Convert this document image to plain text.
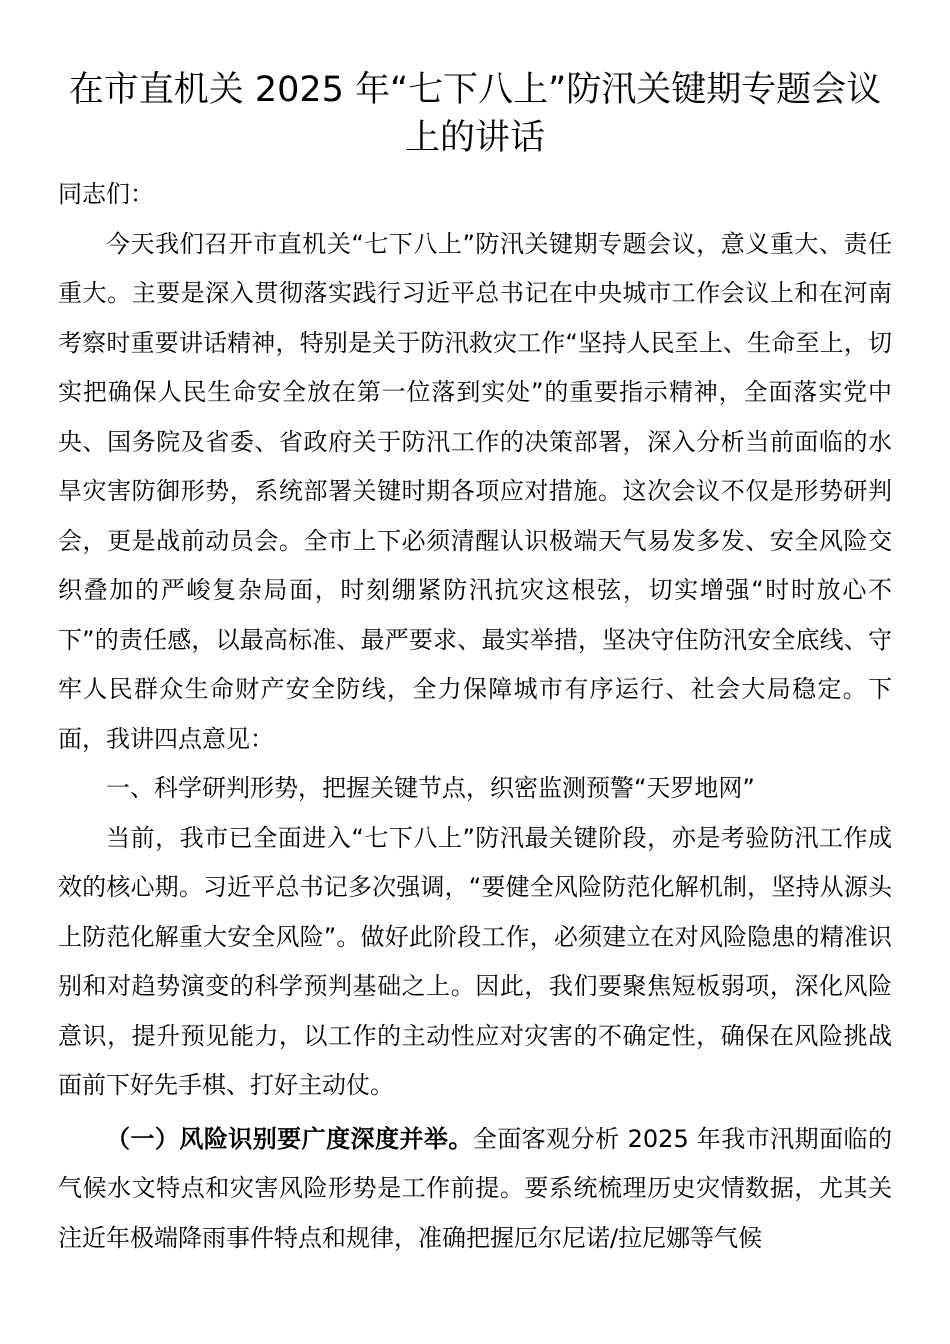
在市直机关 2025 年“七下八上”防汛关键期专题会议上的讲话

同志们：

今天我们召开市直机关“七下八上”防汛关键期专题会议，意义重大、责任重大。主要是深入贯彻落实践行习近平总书记在中央城市工作会议上和在河南考察时重要讲话精神，特别是关于防汛救灾工作“坚持人民至上、生命至上，切实把确保人民生命安全放在第一位落到实处”的重要指示精神，全面落实党中央、国务院及省委、省政府关于防汛工作的决策部署，深入分析当前面临的水旱灾害防御形势，系统部署关键时期各项应对措施。这次会议不仅是形势研判会，更是战前动员会。全市上下必须清醒认识极端天气易发多发、安全风险交织叠加的严峻复杂局面，时刻绷紧防汛抗灾这根弦，切实增强“时时放心不下”的责任感，以最高标准、最严要求、最实举措，坚决守住防汛安全底线、守牢人民群众生命财产安全防线，全力保障城市有序运行、社会大局稳定。下面，我讲四点意见：

一、科学研判形势，把握关键节点，织密监测预警“天罗地网”

当前，我市已全面进入“七下八上”防汛最关键阶段，亦是考验防汛工作成效的核心期。习近平总书记多次强调，“要健全风险防范化解机制，坚持从源头上防范化解重大安全风险”。做好此阶段工作，必须建立在对风险隐患的精准识别和对趋势演变的科学预判基础之上。因此，我们要聚焦短板弱项，深化风险意识，提升预见能力，以工作的主动性应对灾害的不确定性，确保在风险挑战面前下好先手棋、打好主动仗。

（一）风险识别要广度深度并举。全面客观分析 2025 年我市汛期面临的气候水文特点和灾害风险形势是工作前提。要系统梳理历史灾情数据，尤其关注近年极端降雨事件特点和规律，准确把握厄尔尼诺/拉尼娜等气候
